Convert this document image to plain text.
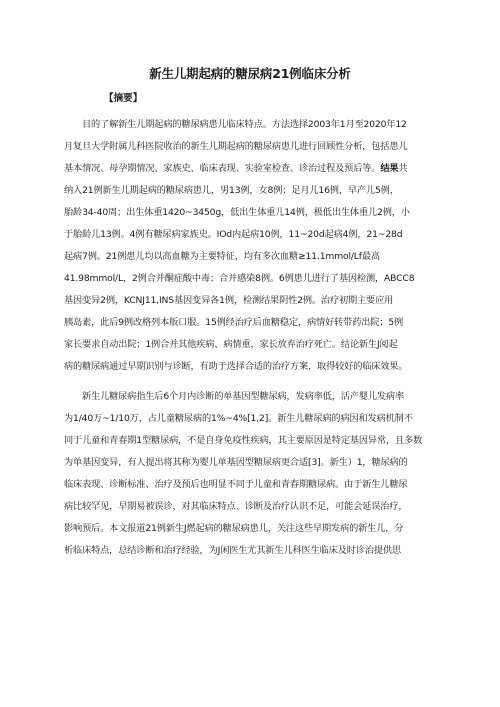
新生儿期起病的糖尿病21例临床分析
【摘要】
目的了解新生儿期起病的糖尿病患儿临床特点。方法选择2003年1月至2020年12
月复旦大学附属儿科医院收治的新生儿期起病的糖尿病患儿进行回顾性分析，包括患儿
基本情况、母孕期情况、家族史、临床表现、实验室检查、诊治过程及预后等。结果共
纳入21例新生儿期起病的糖尿病患儿，男13例，女8例；足月儿16例，早产儿5例，
胎龄34-40周；出生体重1420~3450g，低出生体重儿14例，极低出生体重儿2例，小
于胎龄儿13例。4例有糖尿病家族史。IOd内起病10例，11~20d起病4例，21~28d
起病7例。21例患儿均以高血糖为主要特征，均有多次血糖≥11.1mmol/Lf最高
41.98mmol/L，2例合并酮症酸中毒；合并感染8例。6例患儿进行了基因检测，ABCC8
基因变异2例，KCNJ11,INS基因变异各1例，检测结果阴性2例。治疗初期主要应用
胰岛素，此后9例改格列本版口服。15例经治疗后血糖稳定，病情好转带药出院；5例
家长要求自动出院；1例合并其他疾病、病情重，家长放弃治疗死亡。结论新生J阅起
病的糖尿病通过早期识别与诊断，有助于选择合适的治疗方案，取得较好的临床效果。
新生儿糖尿病指生后6个月内诊断的单基因型糖尿病，发病率低，活产婴儿发病率
为1/40万~1/10万，占儿童糖尿病的1%~4%[1,2]。新生儿糖尿病的病因和发病机制不
同于儿童和青春期1型糖尿病，不是自身免疫性疾病，其主要原因是特定基因异常，且多数
为单基因变异，有人提出将其称为婴儿单基因型糖尿病更合适[3]。新生）1，糖尿病的
临床表现、诊断标准、治疗及预后也明显不同于儿童和青春期糖尿病。由于新生儿糖尿
病比较罕见，早期易被误诊，对其临床特点、诊断及治疗认识不足，可能会延误治疗，
影响预后。本文报道21例新生J燃起病的糖尿病患儿，关注这些早期发病的新生儿，分
析临床特点，总结诊断和治疗经验，为J闲医生尤其新生儿科医生临床及时诊治提供思
